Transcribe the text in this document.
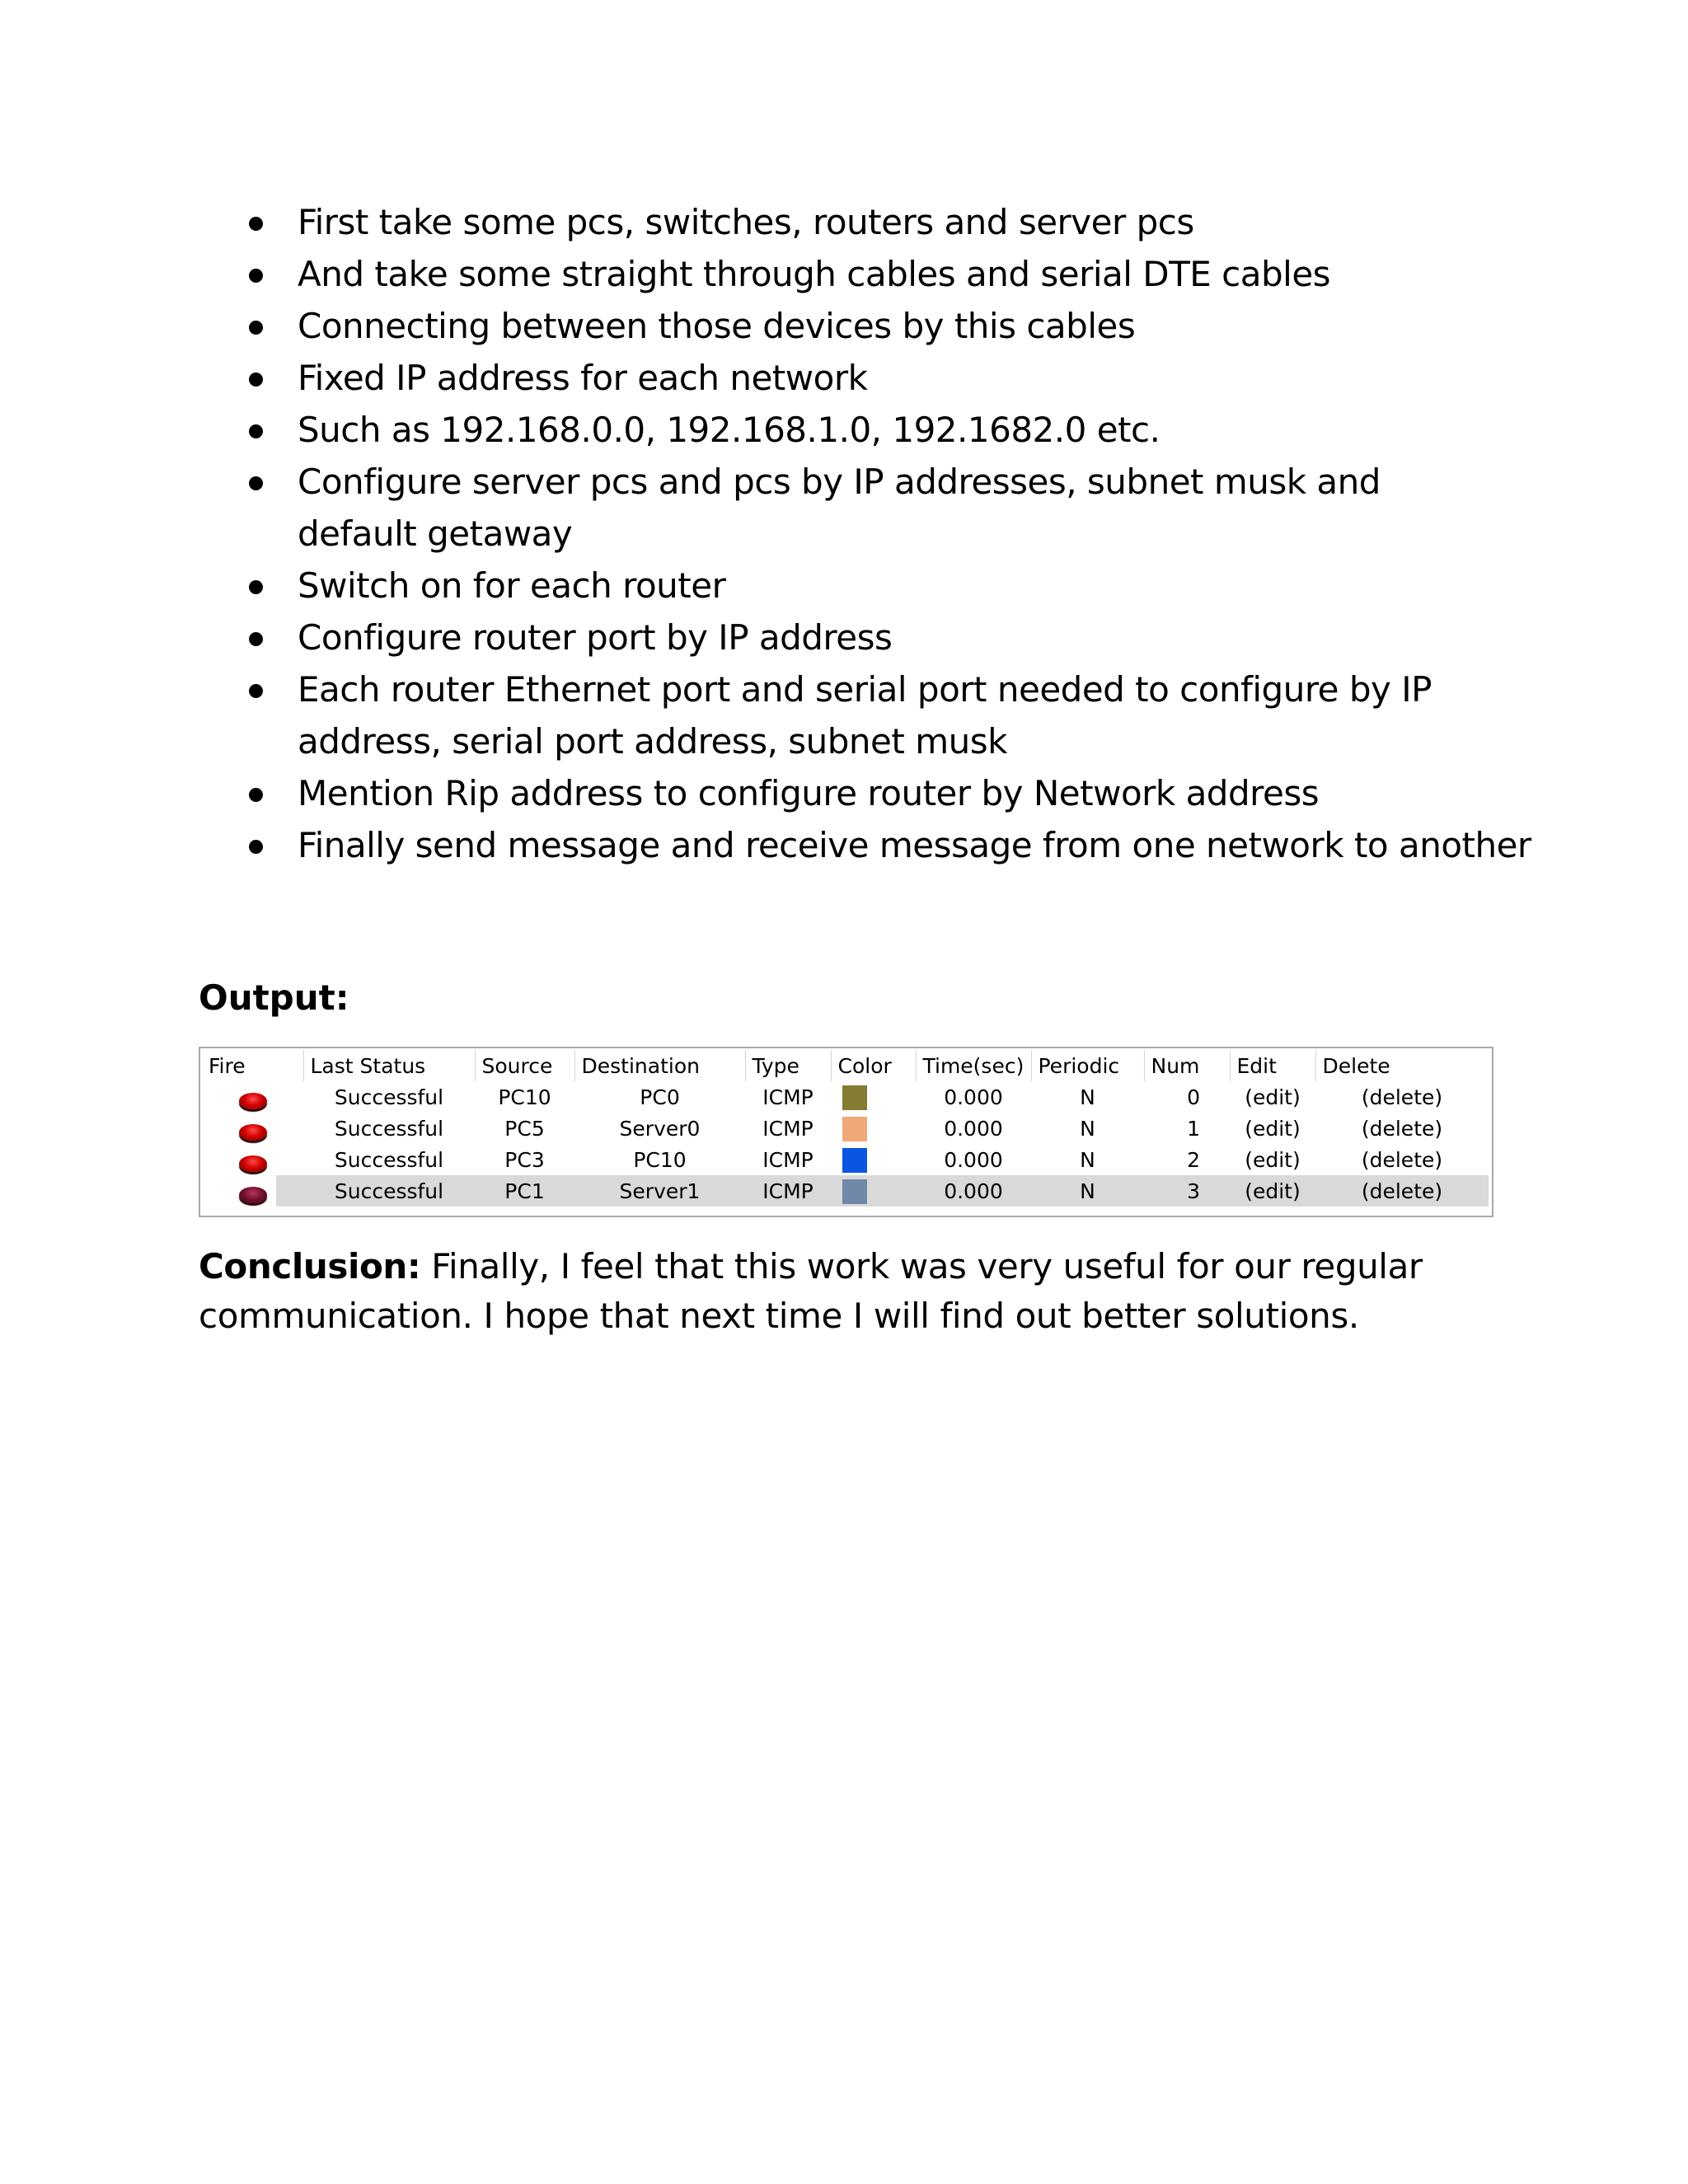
First take some pcs, switches, routers and server pcs
And take some straight through cables and serial DTE cables
Connecting between those devices by this cables
Fixed IP address for each network
Such as 192.168.0.0, 192.168.1.0, 192.1682.0 etc.
Configure server pcs and pcs by IP addresses, subnet musk and default getaway
Switch on for each router
Configure router port by IP address
Each router Ethernet port and serial port needed to configure by IP address, serial port address, subnet musk
Mention Rip address to configure router by Network address
Finally send message and receive message from one network to another
Output:
Fire	Last Status	Source	Destination	Type	Color	Time(sec)	Periodic	Num	Edit	Delete
	Successful	PC10	PC0	ICMP		0.000	N	0	(edit)	(delete)
	Successful	PC5	Server0	ICMP		0.000	N	1	(edit)	(delete)
	Successful	PC3	PC10	ICMP		0.000	N	2	(edit)	(delete)

	Successful	PC1	Server1	ICMP		0.000	N	3	(edit)	(delete)

Conclusion: Finally, I feel that this work was very useful for our regular communication. I hope that next time I will find out better solutions.
